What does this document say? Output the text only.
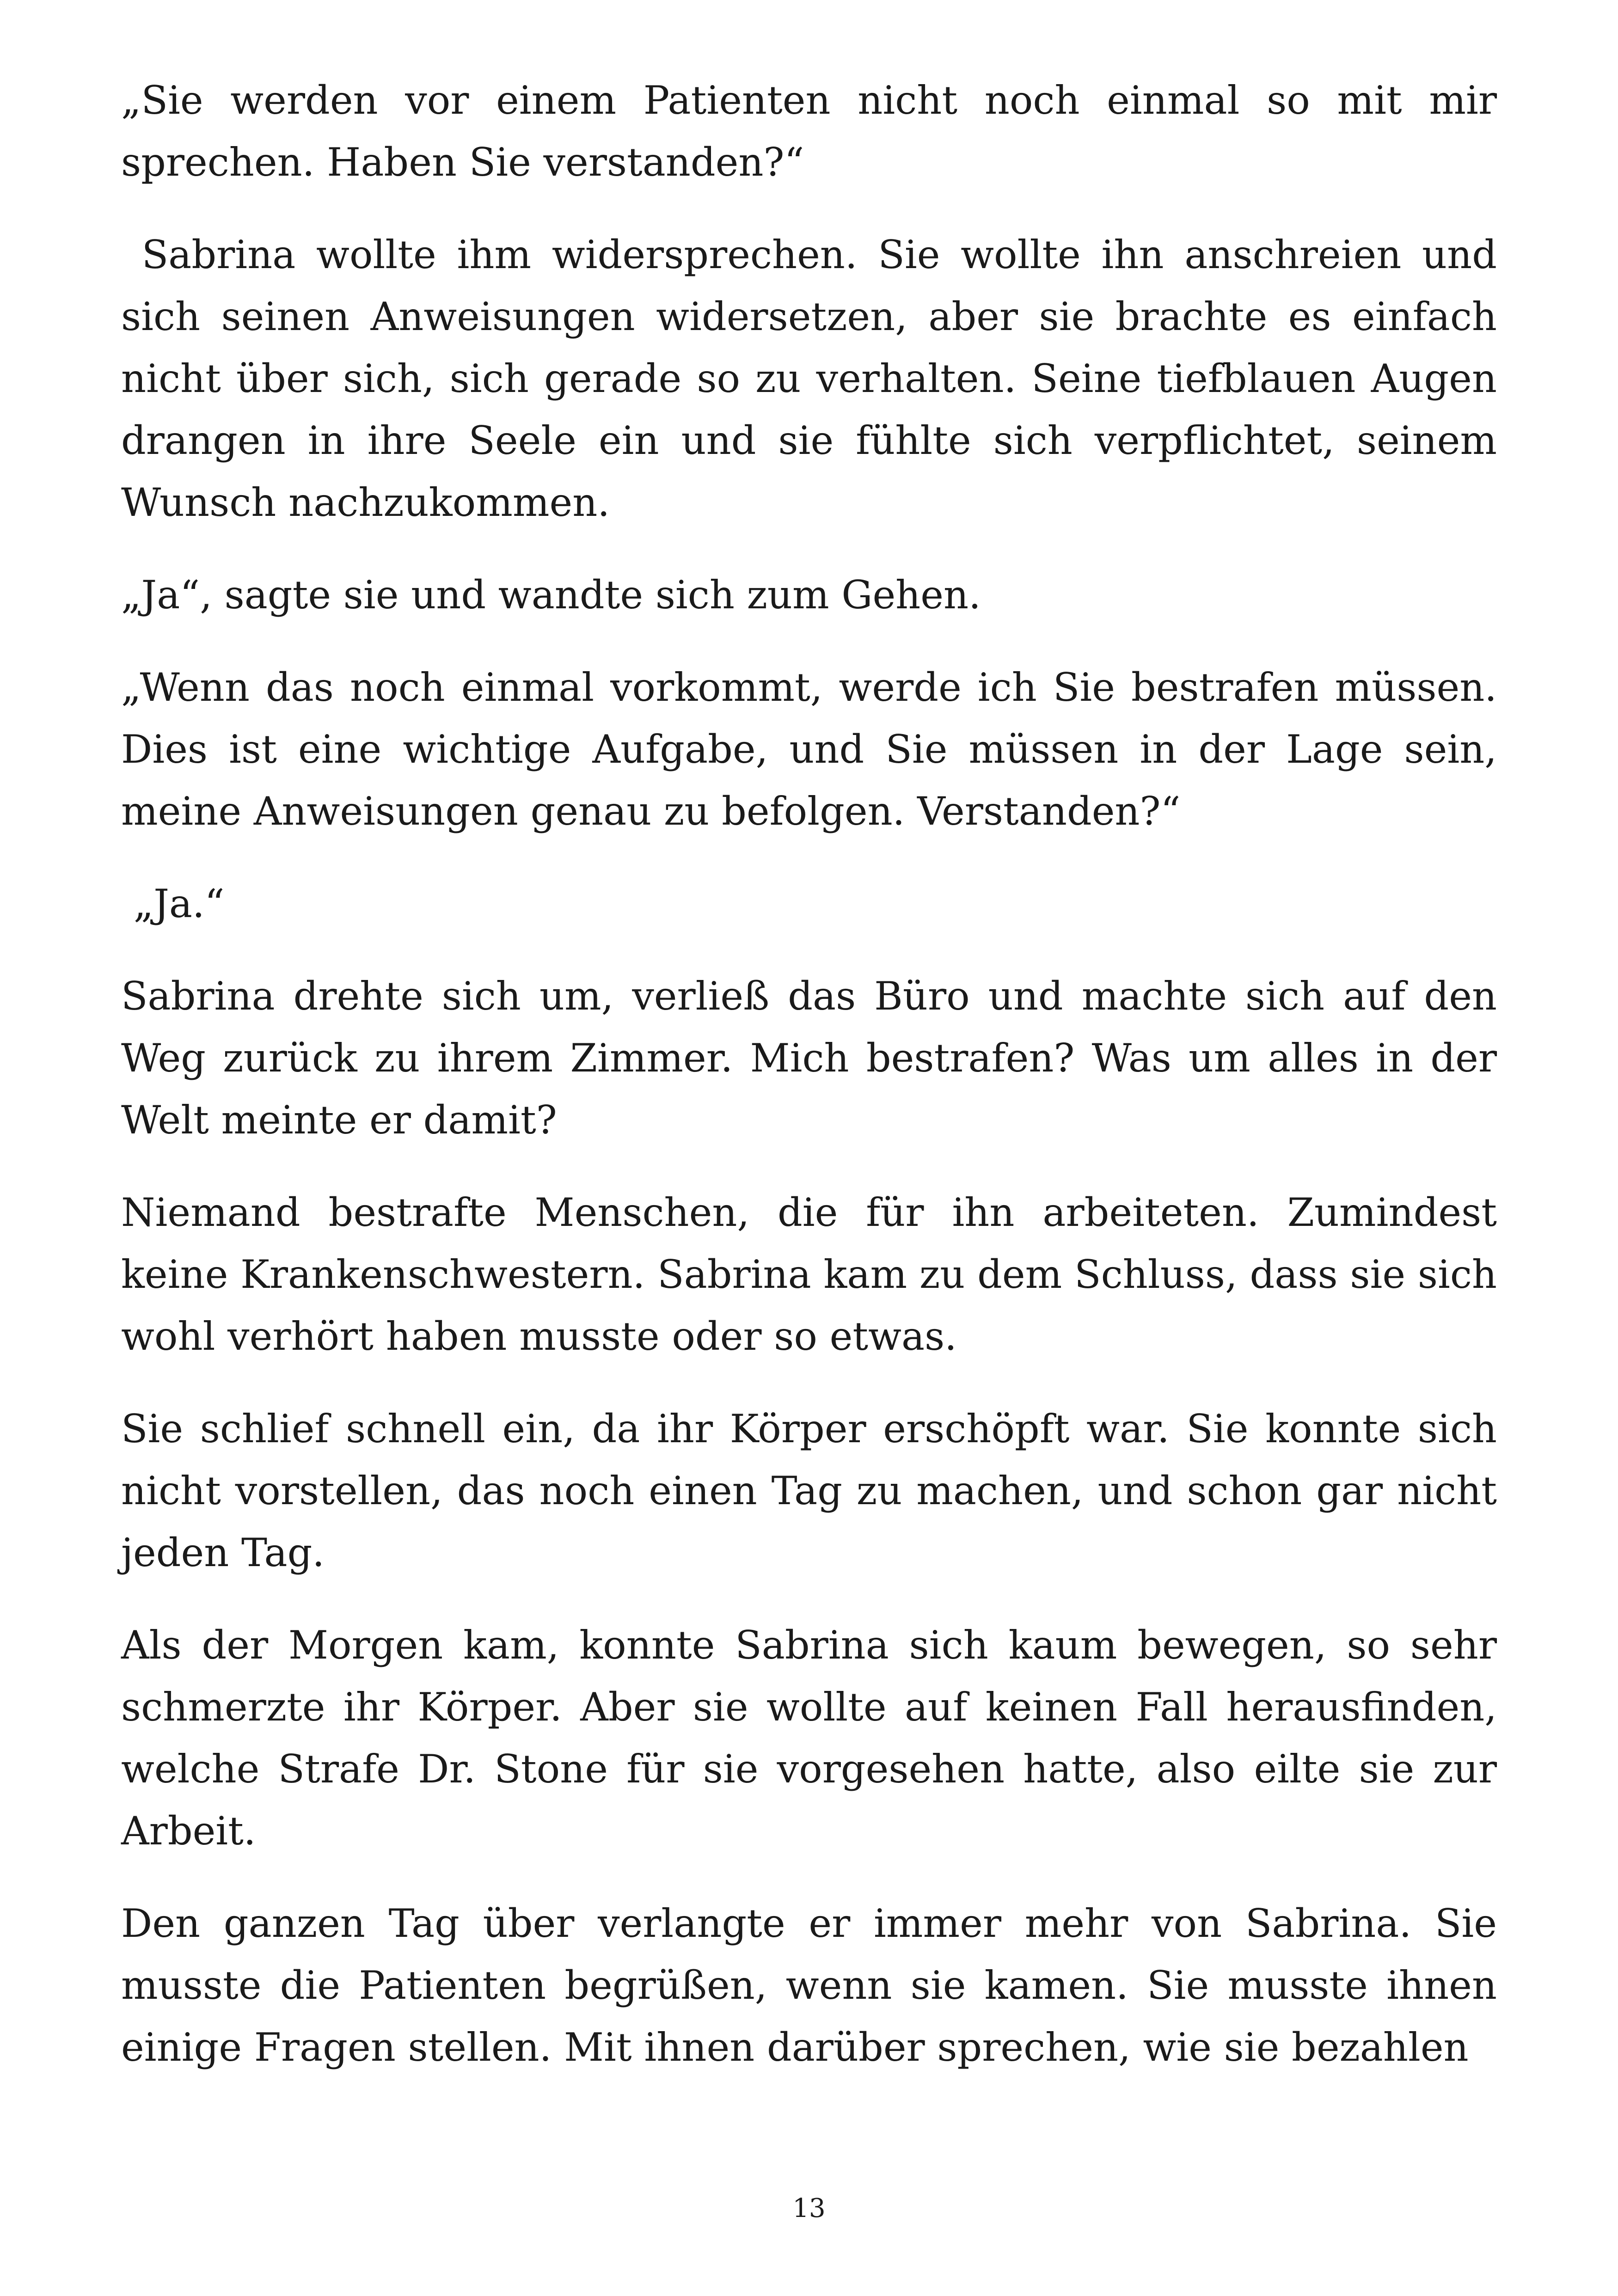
„Sie werden vor einem Patienten nicht noch einmal so mit mir sprechen. Haben Sie verstanden?“

Sabrina wollte ihm widersprechen. Sie wollte ihn anschreien und sich seinen Anweisungen widersetzen, aber sie brachte es einfach nicht über sich, sich gerade so zu verhalten. Seine tiefblauen Augen drangen in ihre Seele ein und sie fühlte sich verpflichtet, seinem Wunsch nachzukommen.

„Ja“, sagte sie und wandte sich zum Gehen.

„Wenn das noch einmal vorkommt, werde ich Sie bestrafen müssen. Dies ist eine wichtige Aufgabe, und Sie müssen in der Lage sein, meine Anweisungen genau zu befolgen. Verstanden?“

„Ja.“

Sabrina drehte sich um, verließ das Büro und machte sich auf den Weg zurück zu ihrem Zimmer. Mich bestrafen? Was um alles in der Welt meinte er damit?

Niemand bestrafte Menschen, die für ihn arbeiteten. Zumindest keine Krankenschwestern. Sabrina kam zu dem Schluss, dass sie sich wohl verhört haben musste oder so etwas.

Sie schlief schnell ein, da ihr Körper erschöpft war. Sie konnte sich nicht vorstellen, das noch einen Tag zu machen, und schon gar nicht jeden Tag.

Als der Morgen kam, konnte Sabrina sich kaum bewegen, so sehr schmerzte ihr Körper. Aber sie wollte auf keinen Fall herausfinden, welche Strafe Dr. Stone für sie vorgesehen hatte, also eilte sie zur Arbeit.

Den ganzen Tag über verlangte er immer mehr von Sabrina. Sie musste die Patienten begrüßen, wenn sie kamen. Sie musste ihnen einige Fragen stellen. Mit ihnen darüber sprechen, wie sie bezahlen

13
